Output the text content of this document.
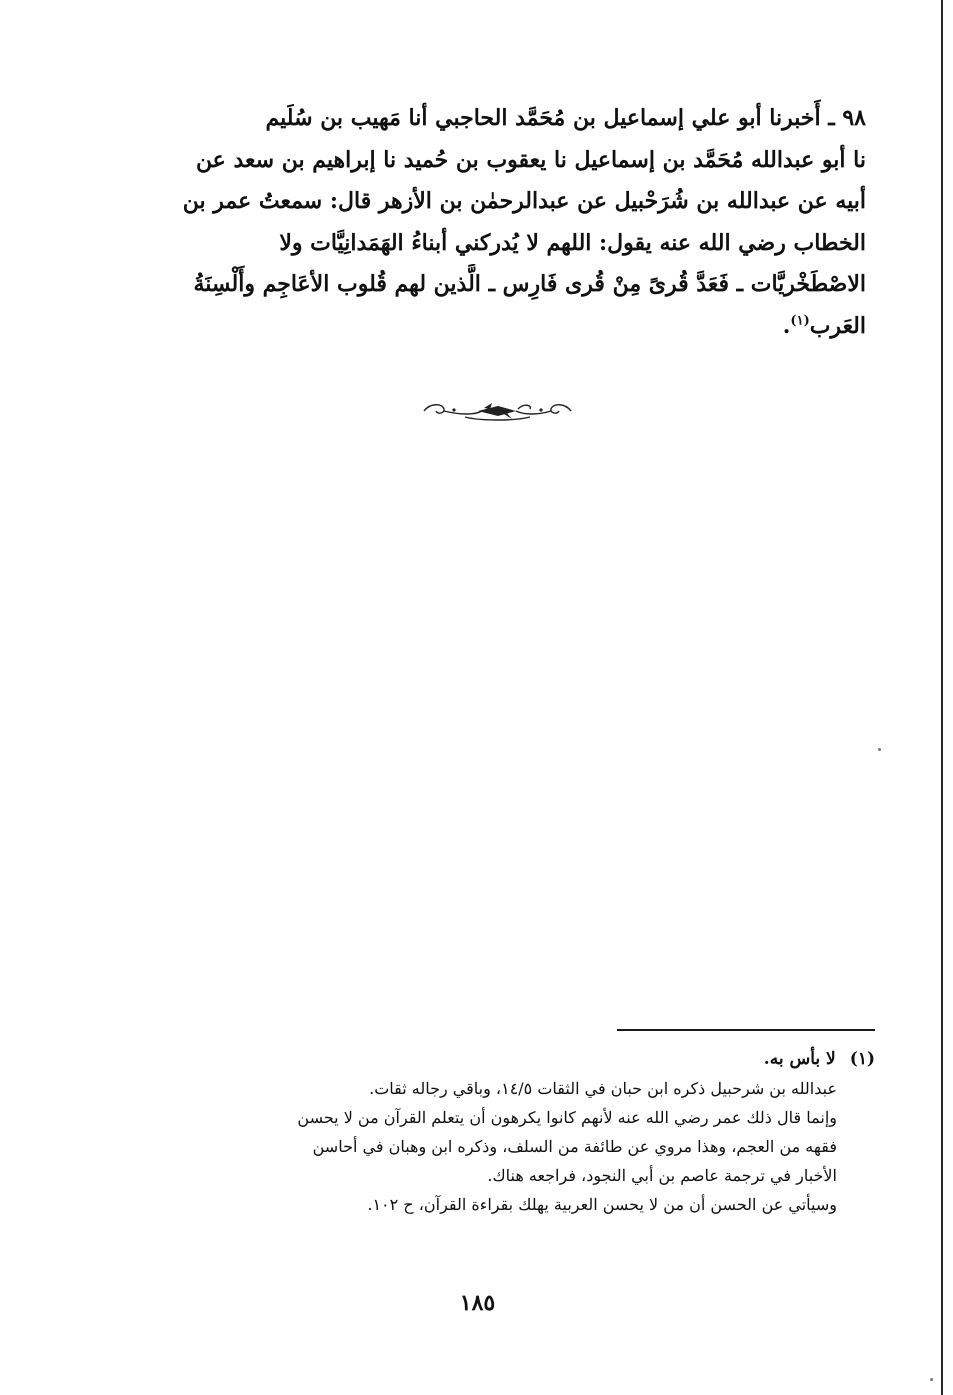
٩٨ ـ أَخبرنا أبو علي إسماعيل بن مُحَمَّد الحاجبي أنا مَهيب بن سُلَيم
نا أبو عبدالله مُحَمَّد بن إسماعيل نا يعقوب بن حُميد نا إبراهيم بن سعد عن
أبيه عن عبدالله بن شُرَحْبيل عن عبدالرحمٰن بن الأزهر قال: سمعتُ عمر بن
الخطاب رضي الله عنه يقول: اللهم لا يُدركني أبناءُ الهَمَدانِيَّات ولا
الاصْطَخْريَّات ـ فَعَدَّ قُرىً مِنْ قُرى فَارِس ـ الَّذين لهم قُلوب الأعَاجِم وأَلْسِنَةُ
العَرب$^{(١)}$.
(١)لا بأس به.
عبدالله بن شرحبيل ذكره ابن حبان في الثقات ١٤/٥، وباقي رجاله ثقات.
وإنما قال ذلك عمر رضي الله عنه لأنهم كانوا يكرهون أن يتعلم القرآن من لا يحسن
فقهه من العجم، وهذا مروي عن طائفة من السلف، وذكره ابن وهبان في أحاسن
الأخبار في ترجمة عاصم بن أبي النجود، فراجعه هناك.
وسيأتي عن الحسن أن من لا يحسن العربية يهلك بقراءة القرآن، ح ١٠٢.
١٨٥
